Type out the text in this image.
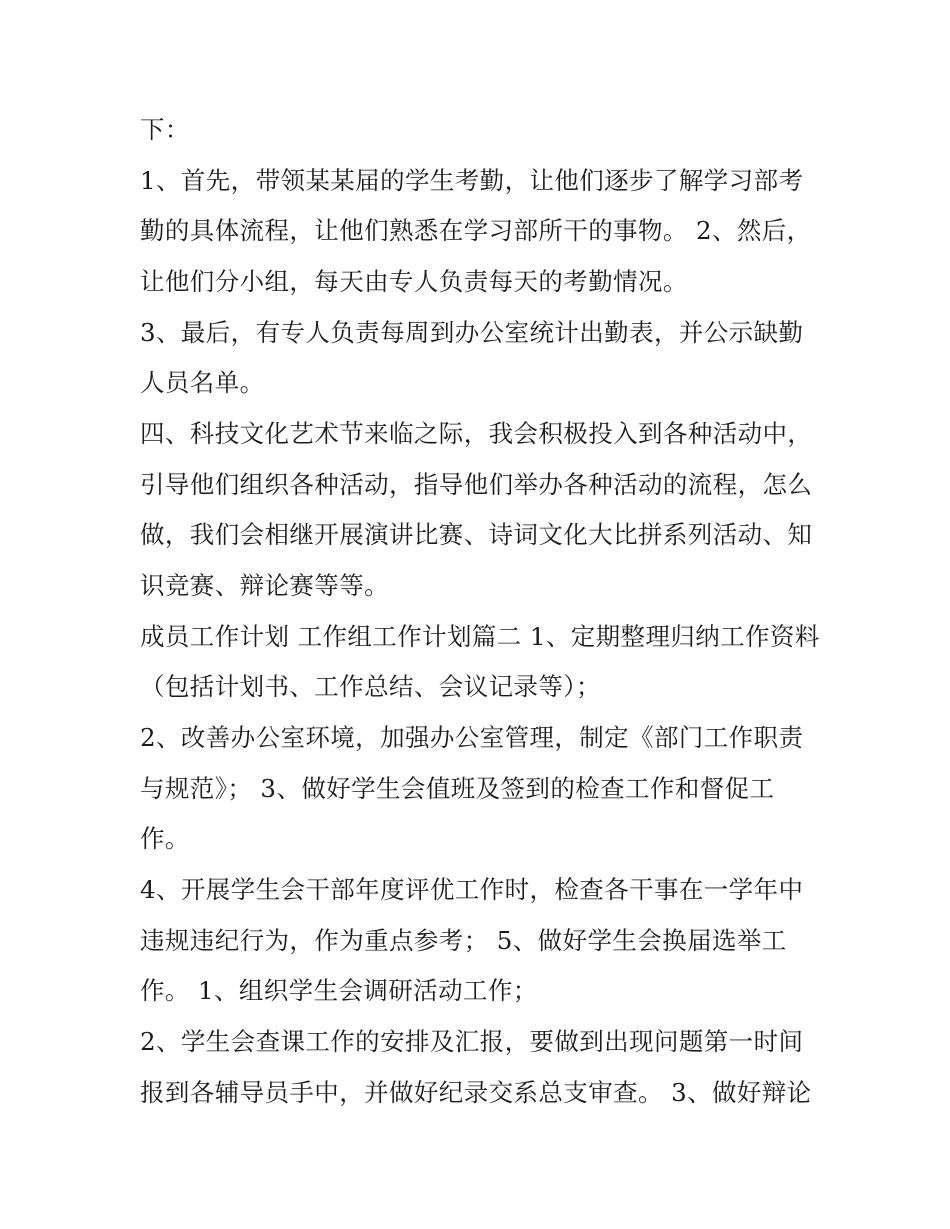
下：
1、首先，带领某某届的学生考勤，让他们逐步了解学习部考
勤的具体流程，让他们熟悉在学习部所干的事物。 2、然后，
让他们分小组，每天由专人负责每天的考勤情况。
3、最后，有专人负责每周到办公室统计出勤表，并公示缺勤
人员名单。
四、科技文化艺术节来临之际，我会积极投入到各种活动中，
引导他们组织各种活动，指导他们举办各种活动的流程，怎么
做，我们会相继开展演讲比赛、诗词文化大比拼系列活动、知
识竞赛、辩论赛等等。
成员工作计划 工作组工作计划篇二 1、定期整理归纳工作资料
（包括计划书、工作总结、会议记录等）；
2、改善办公室环境，加强办公室管理，制定《部门工作职责
与规范》； 3、做好学生会值班及签到的检查工作和督促工
作。
4、开展学生会干部年度评优工作时，检查各干事在一学年中
违规违纪行为，作为重点参考； 5、做好学生会换届选举工
作。 1、组织学生会调研活动工作；
2、学生会查课工作的安排及汇报，要做到出现问题第一时间
报到各辅导员手中，并做好纪录交系总支审查。 3、做好辩论
